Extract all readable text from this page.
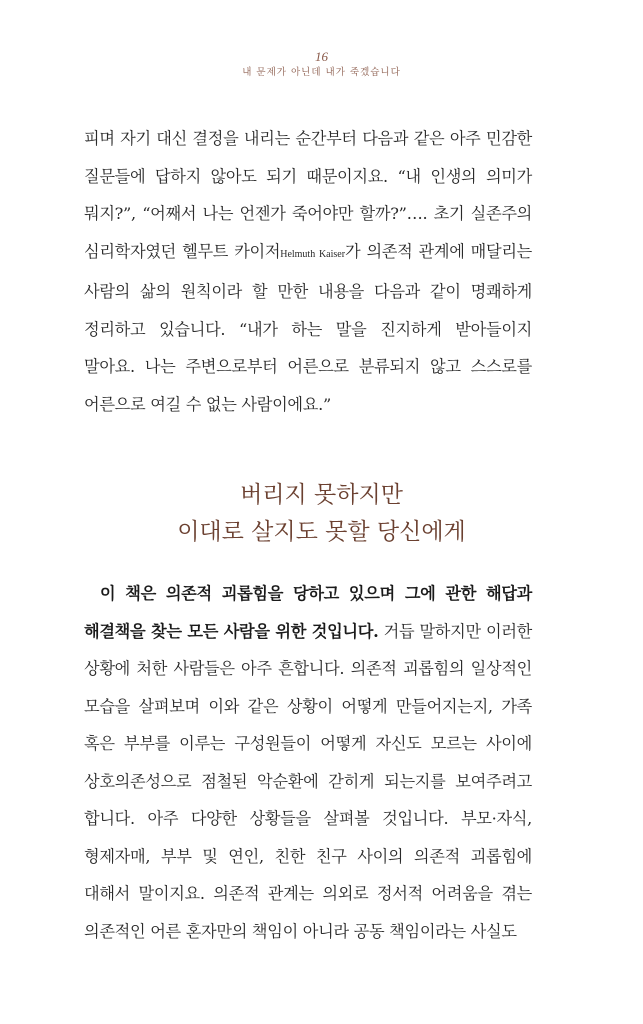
16
내 문제가 아닌데 내가 죽겠습니다
피며 자기 대신 결정을 내리는 순간부터 다음과 같은 아주 민감한 질문들에 답하지 않아도 되기 때문이지요. “내 인생의 의미가 뭐지?”, “어째서 나는 언젠가 죽어야만 할까?”…. 초기 실존주의 심리학자였던 헬무트 카이저Helmuth Kaiser가 의존적 관계에 매달리는 사람의 삶의 원칙이라 할 만한 내용을 다음과 같이 명쾌하게 정리하고 있습니다. “내가 하는 말을 진지하게 받아들이지 말아요. 나는 주변으로부터 어른으로 분류되지 않고 스스로를 어른으로 여길 수 없는 사람이에요.”
버리지 못하지만
이대로 살지도 못할 당신에게
이 책은 의존적 괴롭힘을 당하고 있으며 그에 관한 해답과 해결책을 찾는 모든 사람을 위한 것입니다. 거듭 말하지만 이러한 상황에 처한 사람들은 아주 흔합니다. 의존적 괴롭힘의 일상적인 모습을 살펴보며 이와 같은 상황이 어떻게 만들어지는지, 가족 혹은 부부를 이루는 구성원들이 어떻게 자신도 모르는 사이에 상호의존성으로 점철된 악순환에 갇히게 되는지를 보여주려고 합니다. 아주 다양한 상황들을 살펴볼 것입니다. 부모·자식, 형제자매, 부부 및 연인, 친한 친구 사이의 의존적 괴롭힘에 대해서 말이지요. 의존적 관계는 의외로 정서적 어려움을 겪는 의존적인 어른 혼자만의 책임이 아니라 공동 책임이라는 사실도
